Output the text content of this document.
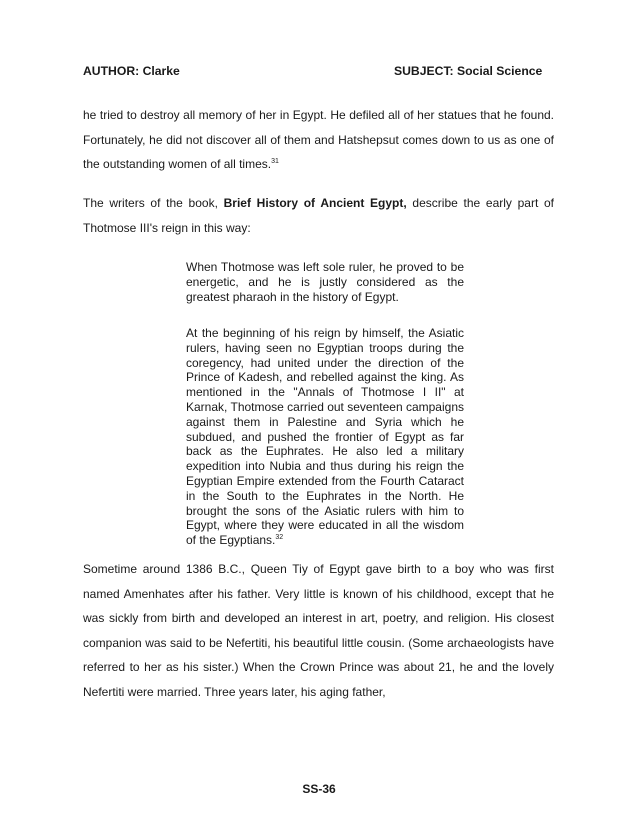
AUTHOR: Clarke	SUBJECT: Social Science

he tried to destroy all memory of her in Egypt. He defiled all of her statues that he found. Fortunately, he did not discover all of them and Hatshepsut comes down to us as one of the outstanding women of all times.$^{31}$

The writers of the book, Brief History of Ancient Egypt, describe the early part of Thotmose III's reign in this way:

When Thotmose was left sole ruler, he proved to be energetic, and he is justly considered as the greatest pharaoh in the history of Egypt.

At the beginning of his reign by himself, the Asiatic rulers, having seen no Egyptian troops during the coregency, had united under the direction of the Prince of Kadesh, and rebelled against the king. As mentioned in the "Annals of Thotmose I II" at Karnak, Thotmose carried out seventeen campaigns against them in Palestine and Syria which he subdued, and pushed the frontier of Egypt as far back as the Euphrates. He also led a military expedition into Nubia and thus during his reign the Egyptian Empire extended from the Fourth Cataract in the South to the Euphrates in the North. He brought the sons of the Asiatic rulers with him to Egypt, where they were educated in all the wisdom of the Egyptians.$^{32}$

Sometime around 1386 B.C., Queen Tiy of Egypt gave birth to a boy who was first named Amenhates after his father. Very little is known of his childhood, except that he was sickly from birth and developed an interest in art, poetry, and religion. His closest companion was said to be Nefertiti, his beautiful little cousin. (Some archaeologists have referred to her as his sister.) When the Crown Prince was about 21, he and the lovely Nefertiti were married. Three years later, his aging father,

SS-36
